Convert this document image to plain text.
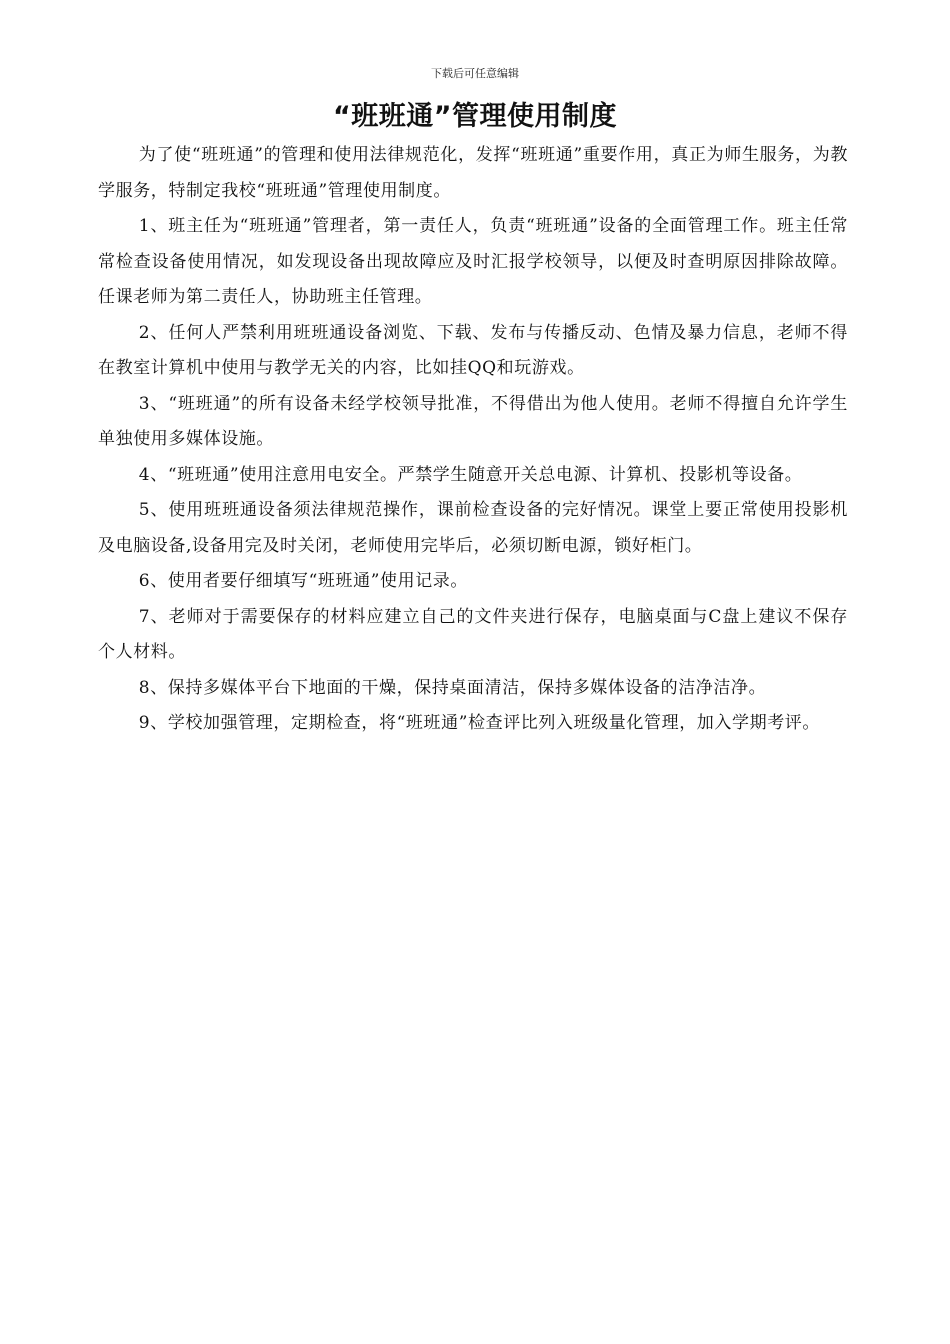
下载后可任意编辑
“班班通”管理使用制度

为了使“班班通”的管理和使用法律规范化，发挥“班班通”重要作用，真正为师生服务，为教学服务，特制定我校“班班通”管理使用制度。

1、班主任为“班班通”管理者，第一责任人，负责“班班通”设备的全面管理工作。班主任常常检查设备使用情况，如发现设备出现故障应及时汇报学校领导，以便及时查明原因排除故障。任课老师为第二责任人，协助班主任管理。

2、任何人严禁利用班班通设备浏览、下载、发布与传播反动、色情及暴力信息，老师不得在教室计算机中使用与教学无关的内容，比如挂QQ和玩游戏。

3、“班班通”的所有设备未经学校领导批准，不得借出为他人使用。老师不得擅自允许学生单独使用多媒体设施。

4、“班班通”使用注意用电安全。严禁学生随意开关总电源、计算机、投影机等设备。

5、使用班班通设备须法律规范操作，课前检查设备的完好情况。课堂上要正常使用投影机及电脑设备,设备用完及时关闭，老师使用完毕后，必须切断电源，锁好柜门。

6、使用者要仔细填写“班班通”使用记录。

7、老师对于需要保存的材料应建立自己的文件夹进行保存，电脑桌面与C盘上建议不保存个人材料。

8、保持多媒体平台下地面的干燥，保持桌面清洁，保持多媒体设备的洁净洁净。

9、学校加强管理，定期检查，将“班班通”检查评比列入班级量化管理，加入学期考评。
